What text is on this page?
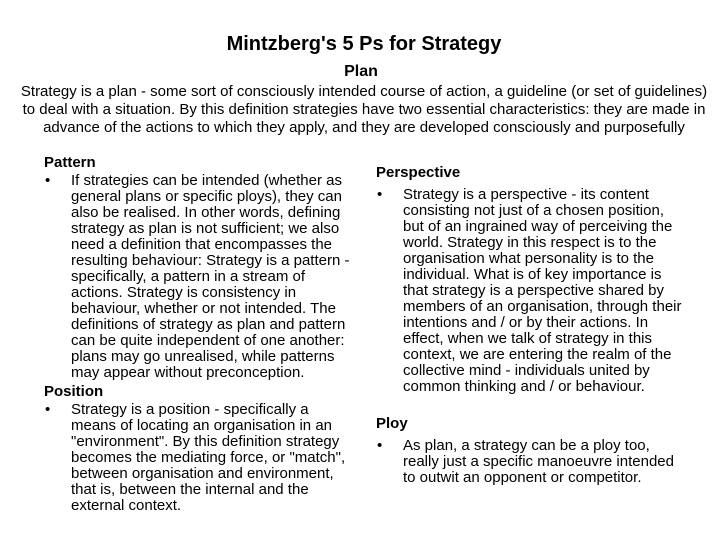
Mintzberg's 5 Ps for Strategy
Plan
Strategy is a plan - some sort of consciously intended course of action, a guideline (or set of guidelines) to deal with a situation. By this definition strategies have two essential characteristics: they are made in advance of the actions to which they apply, and they are developed consciously and purposefully
Pattern
• If strategies can be intended (whether as general plans or specific ploys), they can also be realised. In other words, defining strategy as plan is not sufficient; we also need a definition that encompasses the resulting behaviour: Strategy is a pattern - specifically, a pattern in a stream of actions. Strategy is consistency in behaviour, whether or not intended. The definitions of strategy as plan and pattern can be quite independent of one another: plans may go unrealised, while patterns may appear without preconception.
Position
• Strategy is a position - specifically a means of locating an organisation in an "environment". By this definition strategy becomes the mediating force, or "match", between organisation and environment, that is, between the internal and the external context.
Perspective
• Strategy is a perspective - its content consisting not just of a chosen position, but of an ingrained way of perceiving the world. Strategy in this respect is to the organisation what personality is to the individual. What is of key importance is that strategy is a perspective shared by members of an organisation, through their intentions and / or by their actions. In effect, when we talk of strategy in this context, we are entering the realm of the collective mind - individuals united by common thinking and / or behaviour.
Ploy
• As plan, a strategy can be a ploy too, really just a specific manoeuvre intended to outwit an opponent or competitor.
